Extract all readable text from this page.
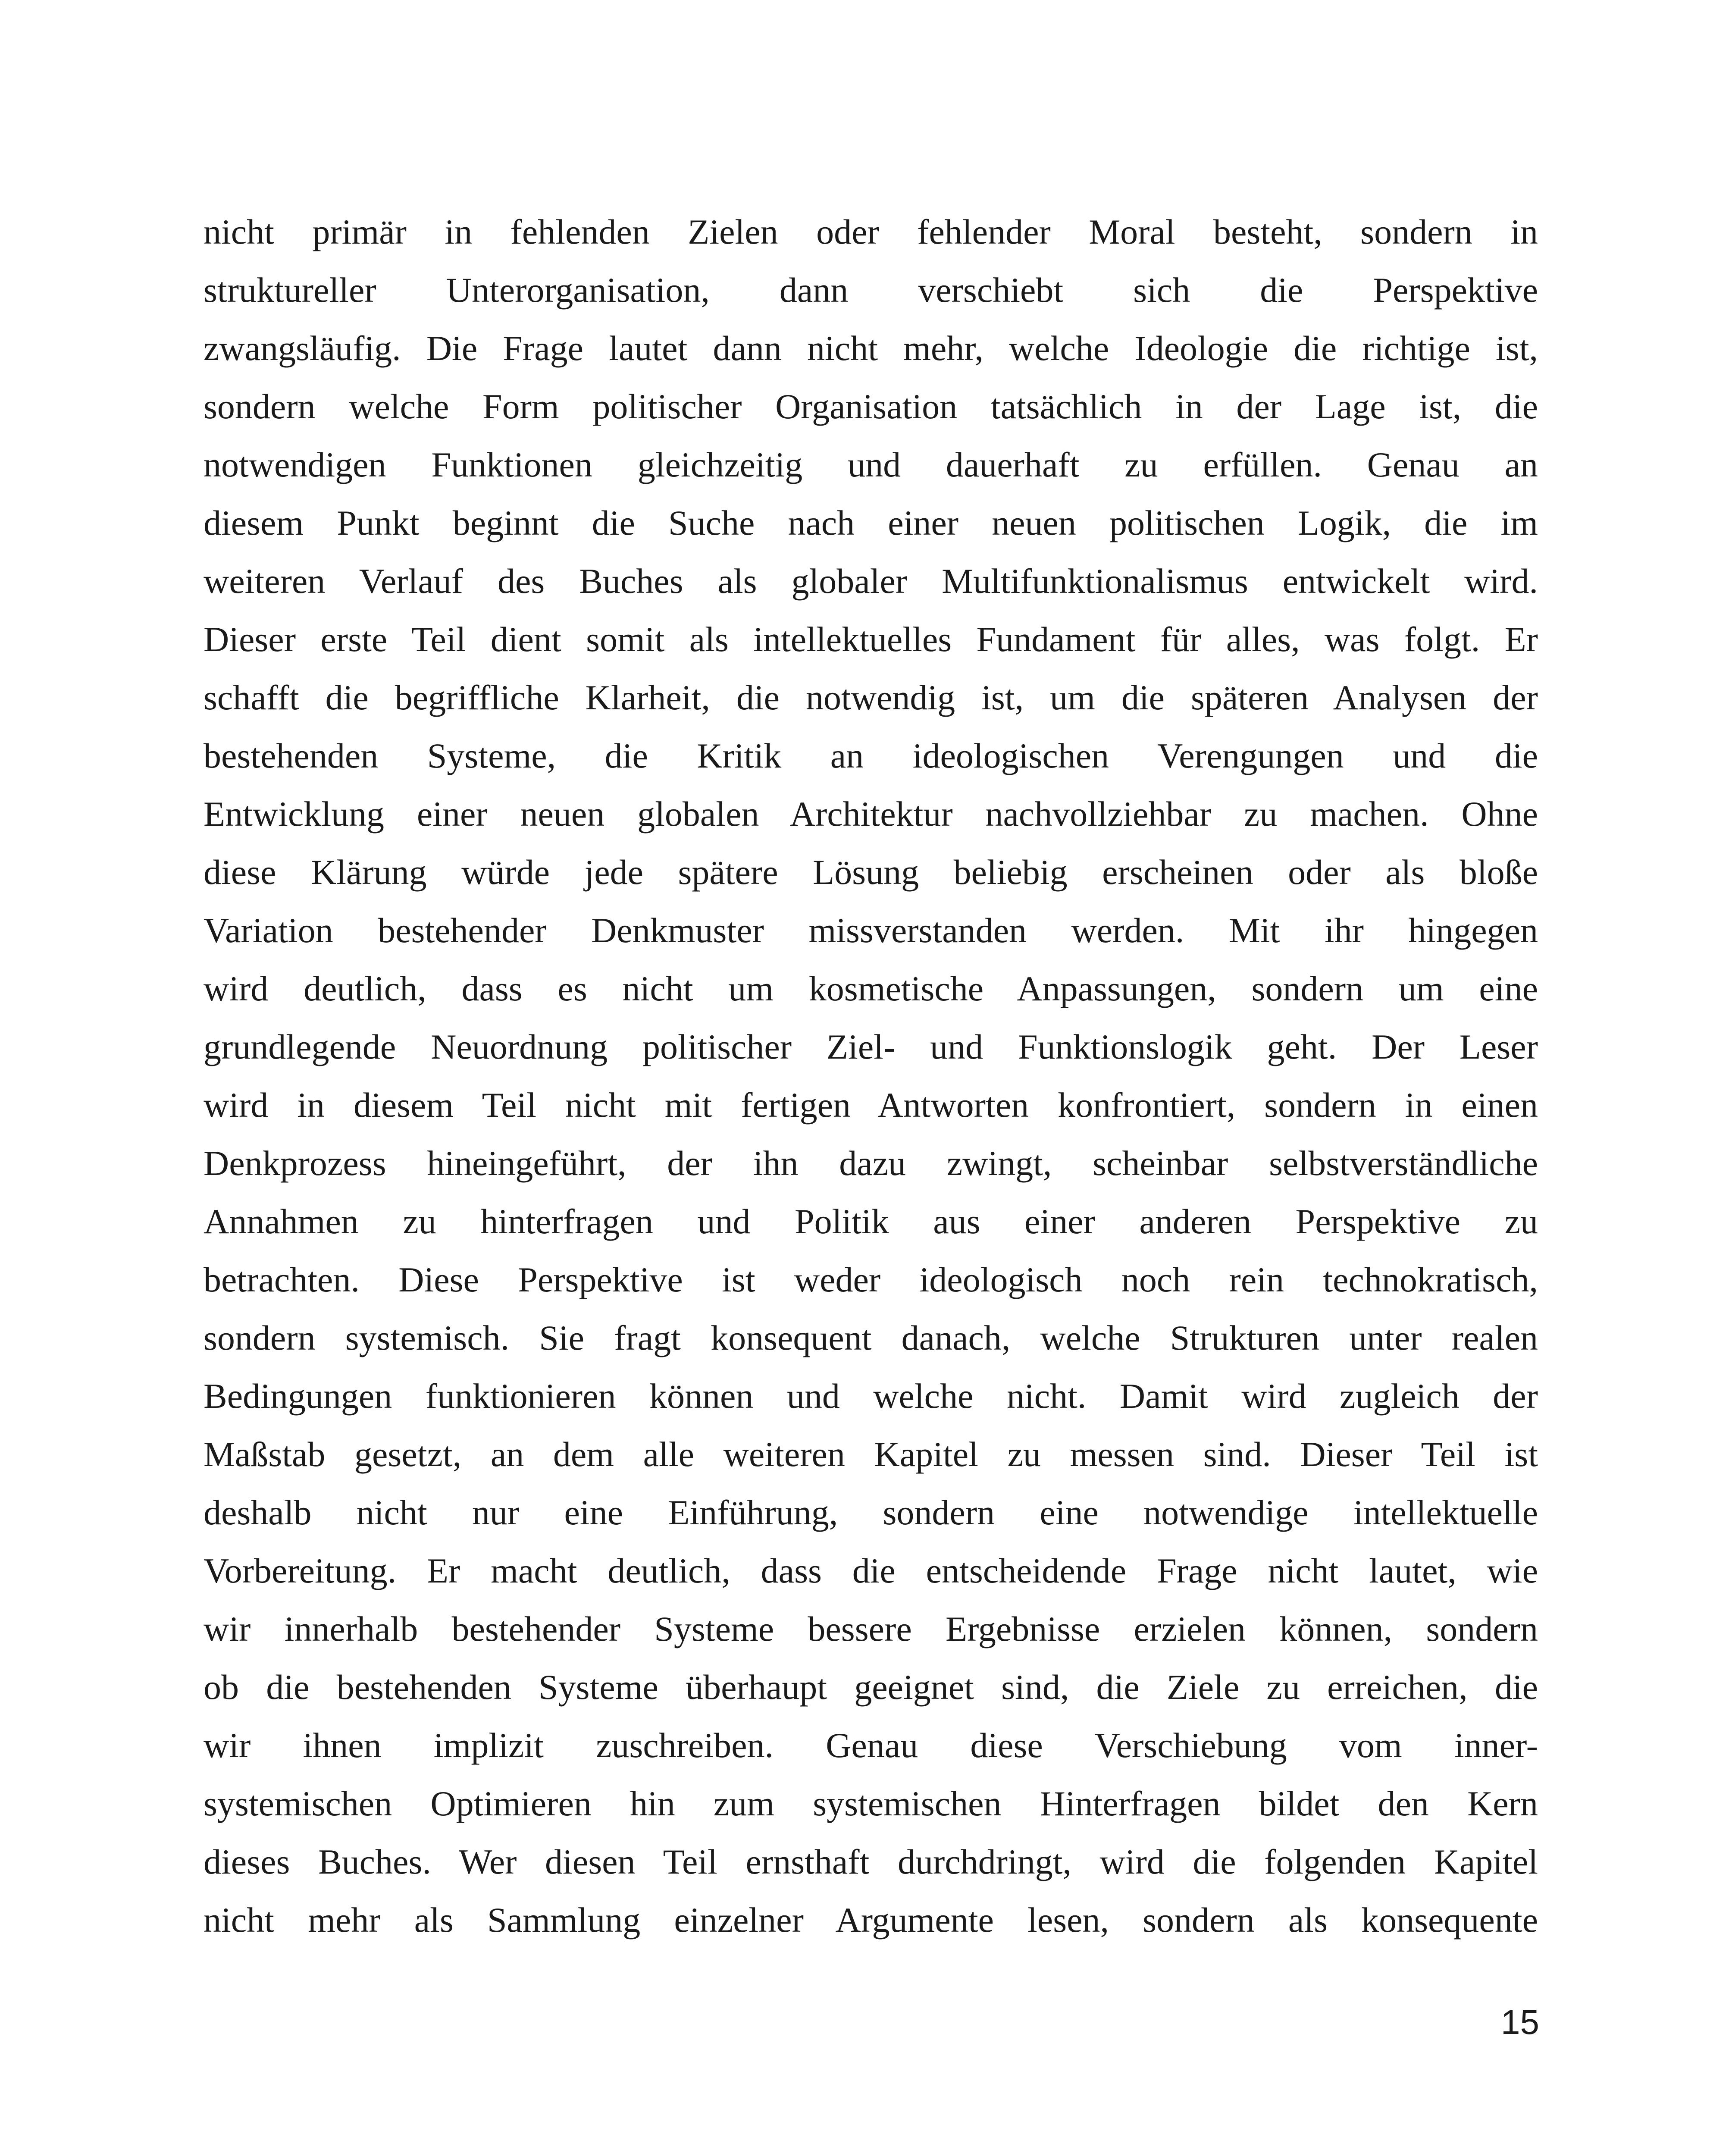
nicht primär in fehlenden Zielen oder fehlender Moral besteht, sondern in
struktureller Unterorganisation, dann verschiebt sich die Perspektive
zwangsläufig. Die Frage lautet dann nicht mehr, welche Ideologie die richtige ist,
sondern welche Form politischer Organisation tatsächlich in der Lage ist, die
notwendigen Funktionen gleichzeitig und dauerhaft zu erfüllen. Genau an
diesem Punkt beginnt die Suche nach einer neuen politischen Logik, die im
weiteren Verlauf des Buches als globaler Multifunktionalismus entwickelt wird.
Dieser erste Teil dient somit als intellektuelles Fundament für alles, was folgt. Er
schafft die begriffliche Klarheit, die notwendig ist, um die späteren Analysen der
bestehenden Systeme, die Kritik an ideologischen Verengungen und die
Entwicklung einer neuen globalen Architektur nachvollziehbar zu machen. Ohne
diese Klärung würde jede spätere Lösung beliebig erscheinen oder als bloße
Variation bestehender Denkmuster missverstanden werden. Mit ihr hingegen
wird deutlich, dass es nicht um kosmetische Anpassungen, sondern um eine
grundlegende Neuordnung politischer Ziel- und Funktionslogik geht. Der Leser
wird in diesem Teil nicht mit fertigen Antworten konfrontiert, sondern in einen
Denkprozess hineingeführt, der ihn dazu zwingt, scheinbar selbstverständliche
Annahmen zu hinterfragen und Politik aus einer anderen Perspektive zu
betrachten. Diese Perspektive ist weder ideologisch noch rein technokratisch,
sondern systemisch. Sie fragt konsequent danach, welche Strukturen unter realen
Bedingungen funktionieren können und welche nicht. Damit wird zugleich der
Maßstab gesetzt, an dem alle weiteren Kapitel zu messen sind. Dieser Teil ist
deshalb nicht nur eine Einführung, sondern eine notwendige intellektuelle
Vorbereitung. Er macht deutlich, dass die entscheidende Frage nicht lautet, wie
wir innerhalb bestehender Systeme bessere Ergebnisse erzielen können, sondern
ob die bestehenden Systeme überhaupt geeignet sind, die Ziele zu erreichen, die
wir ihnen implizit zuschreiben. Genau diese Verschiebung vom inner-
systemischen Optimieren hin zum systemischen Hinterfragen bildet den Kern
dieses Buches. Wer diesen Teil ernsthaft durchdringt, wird die folgenden Kapitel
nicht mehr als Sammlung einzelner Argumente lesen, sondern als konsequente
15
